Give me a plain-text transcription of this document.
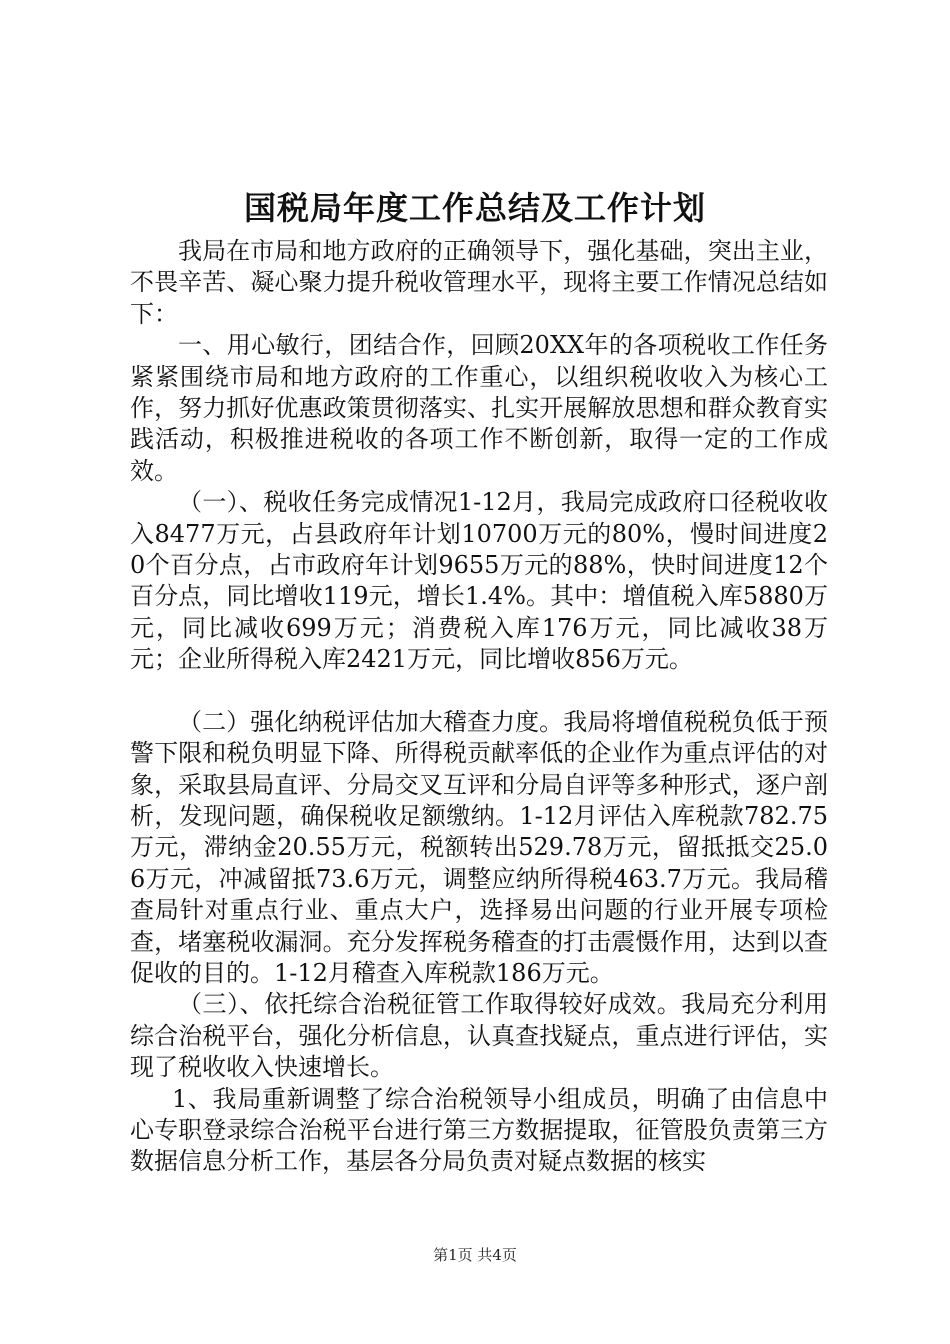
国税局年度工作总结及工作计划

我局在市局和地方政府的正确领导下，强化基础，突出主业，不畏辛苦、凝心聚力提升税收管理水平，现将主要工作情况总结如下：

一、用心敏行，团结合作，回顾20XX年的各项税收工作任务紧紧围绕市局和地方政府的工作重心，以组织税收收入为核心工作，努力抓好优惠政策贯彻落实、扎实开展解放思想和群众教育实践活动，积极推进税收的各项工作不断创新，取得一定的工作成效。

（一）、税收任务完成情况1-12月，我局完成政府口径税收收入8477万元，占县政府年计划10700万元的80%，慢时间进度20个百分点，占市政府年计划9655万元的88%，快时间进度12个百分点，同比增收119元，增长1.4%。其中：增值税入库5880万元，同比减收699万元；消费税入库176万元，同比减收38万元；企业所得税入库2421万元，同比增收856万元。

（二）强化纳税评估加大稽查力度。我局将增值税税负低于预警下限和税负明显下降、所得税贡献率低的企业作为重点评估的对象，采取县局直评、分局交叉互评和分局自评等多种形式，逐户剖析，发现问题，确保税收足额缴纳。1-12月评估入库税款782.75万元，滞纳金20.55万元，税额转出529.78万元，留抵抵交25.06万元，冲减留抵73.6万元，调整应纳所得税463.7万元。我局稽查局针对重点行业、重点大户，选择易出问题的行业开展专项检查，堵塞税收漏洞。充分发挥税务稽查的打击震慑作用，达到以查促收的目的。1-12月稽查入库税款186万元。

（三）、依托综合治税征管工作取得较好成效。我局充分利用综合治税平台，强化分析信息，认真查找疑点，重点进行评估，实现了税收收入快速增长。

1、我局重新调整了综合治税领导小组成员，明确了由信息中心专职登录综合治税平台进行第三方数据提取，征管股负责第三方数据信息分析工作，基层各分局负责对疑点数据的核实

第1页 共4页
